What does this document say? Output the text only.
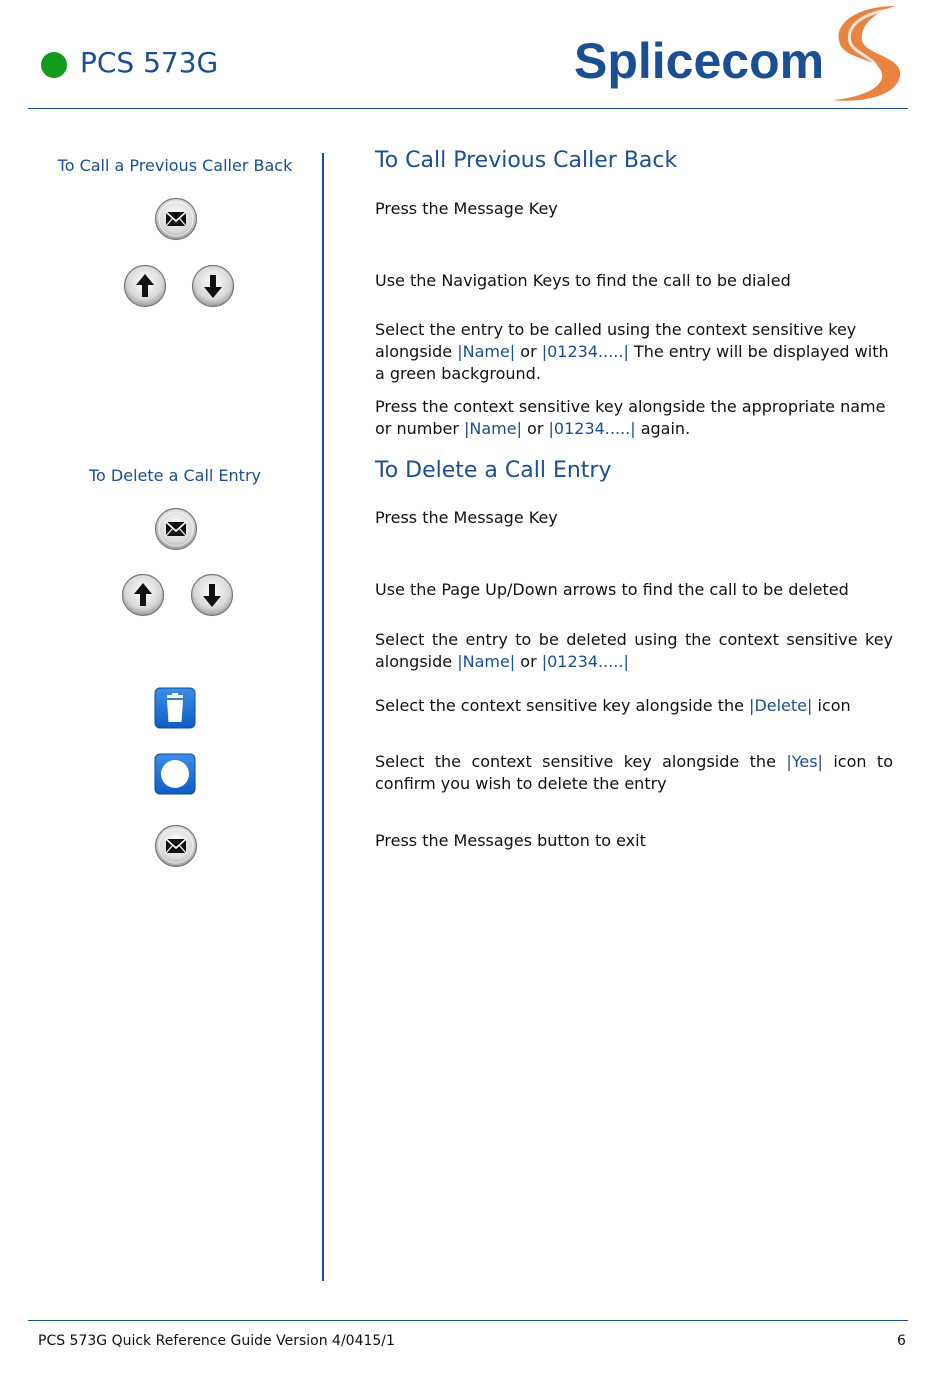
PCS 573G	Splicecom
To Call a Previous Caller Back
To Delete a Call Entry
To Call Previous Caller Back
Press the Message Key
Use the Navigation Keys to find the call to be dialed
Select the entry to be called using the context sensitive key alongside |Name| or |01234.....| The entry will be displayed with a green background.
Press the context sensitive key alongside the appropriate name or number |Name| or |01234.....| again.
To Delete a Call Entry
Press the Message Key
Use the Page Up/Down arrows to find the call to be deleted
Select the entry to be deleted using the context sensitive key alongside |Name| or |01234.....|
Select the context sensitive key alongside the |Delete| icon
Select the context sensitive key alongside the |Yes| icon to confirm you wish to delete the entry
Press the Messages button to exit
PCS 573G Quick Reference Guide Version 4/0415/1	6
